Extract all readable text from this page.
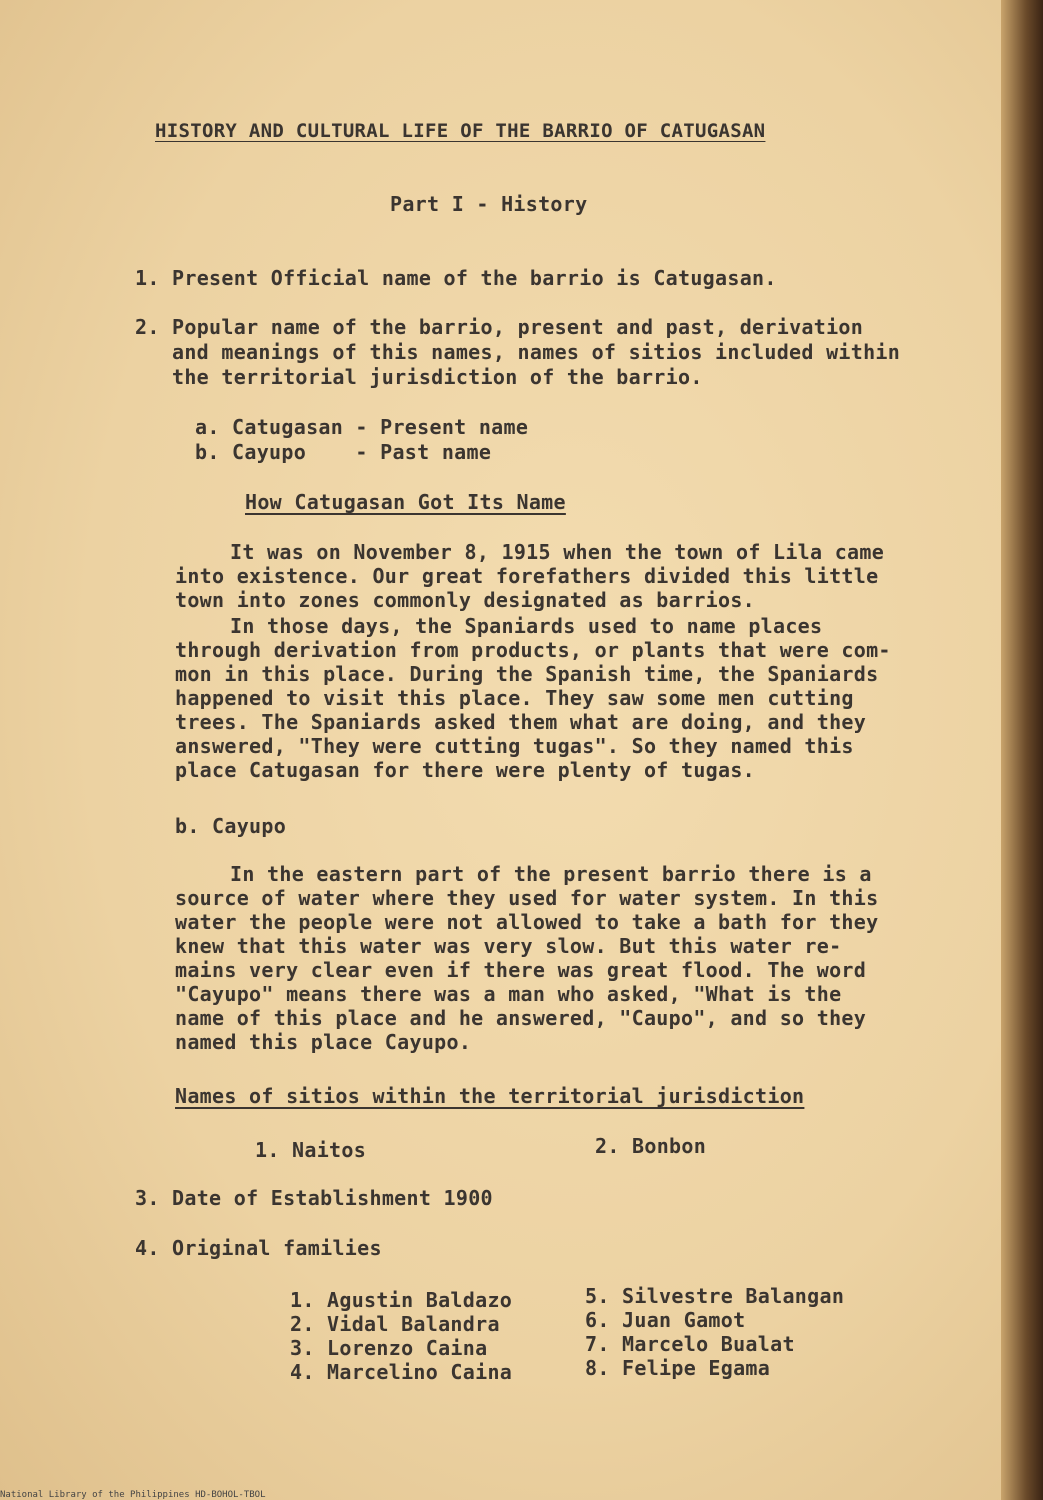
HISTORY AND CULTURAL LIFE OF THE BARRIO OF CATUGASAN
Part I - History
1. Present Official name of the barrio is Catugasan.
2. Popular name of the barrio, present and past, derivation
and meanings of this names, names of sitios included within
the territorial jurisdiction of the barrio.
a. Catugasan - Present name
b. Cayupo    - Past name
How Catugasan Got Its Name
It was on November 8, 1915 when the town of Lila came
into existence. Our great forefathers divided this little
town into zones commonly designated as barrios.
In those days, the Spaniards used to name places
through derivation from products, or plants that were com-
mon in this place. During the Spanish time, the Spaniards
happened to visit this place. They saw some men cutting
trees. The Spaniards asked them what are doing, and they
answered, "They were cutting tugas". So they named this
place Catugasan for there were plenty of tugas.
b. Cayupo
In the eastern part of the present barrio there is a
source of water where they used for water system. In this
water the people were not allowed to take a bath for they
knew that this water was very slow. But this water re-
mains very clear even if there was great flood. The word
"Cayupo" means there was a man who asked, "What is the
name of this place and he answered, "Caupo", and so they
named this place Cayupo.
Names of sitios within the territorial jurisdiction
1. Naitos	2. Bonbon
3. Date of Establishment 1900
4. Original families
1. Agustin Baldazo
2. Vidal Balandra
3. Lorenzo Caina
4. Marcelino Caina
5. Silvestre Balangan
6. Juan Gamot
7. Marcelo Bualat
8. Felipe Egama
National Library of the Philippines HD-BOHOL-TBOL
